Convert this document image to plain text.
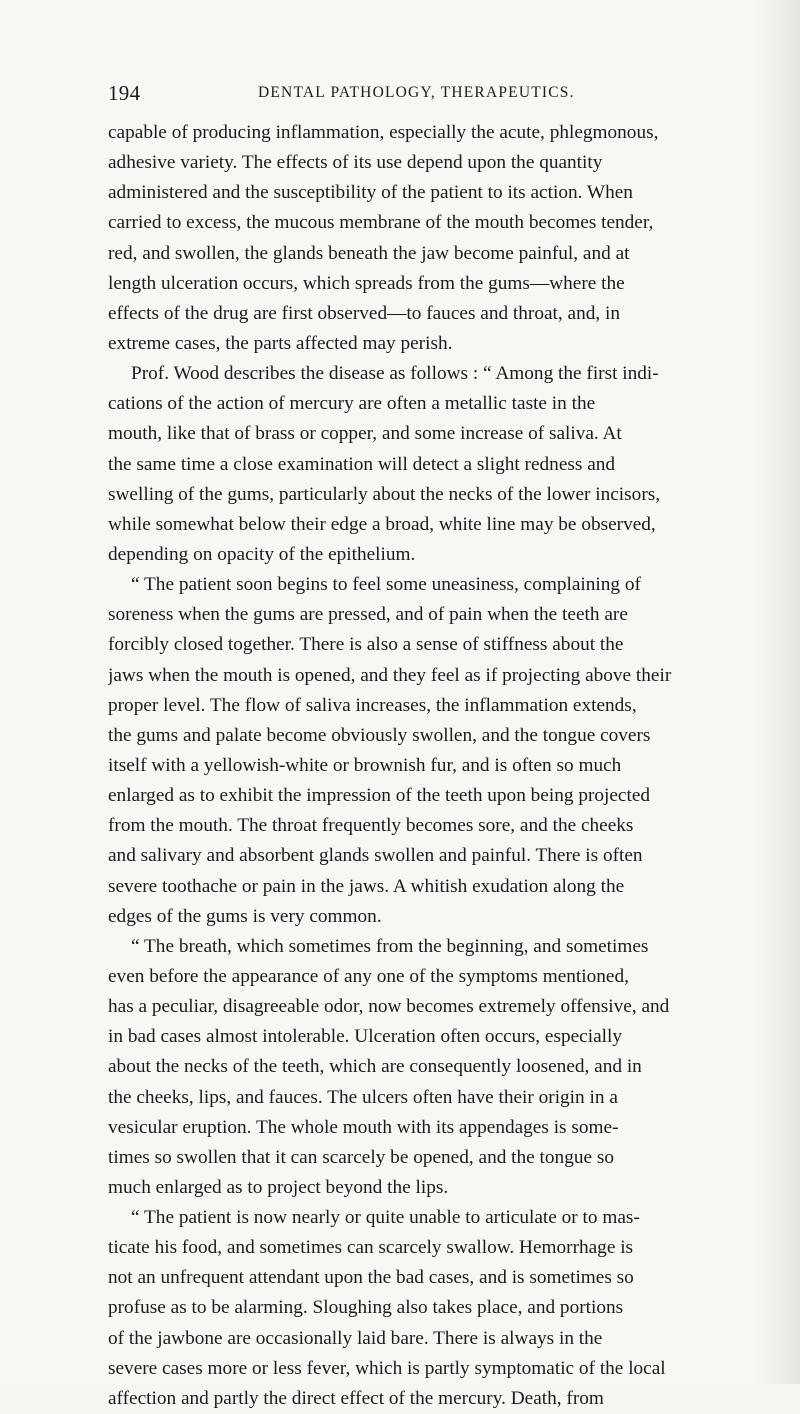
194	DENTAL PATHOLOGY, THERAPEUTICS.
capable of producing inflammation, especially the acute, phlegmonous,
adhesive variety. The effects of its use depend upon the quantity
administered and the susceptibility of the patient to its action. When
carried to excess, the mucous membrane of the mouth becomes tender,
red, and swollen, the glands beneath the jaw become painful, and at
length ulceration occurs, which spreads from the gums—where the
effects of the drug are first observed—to fauces and throat, and, in
extreme cases, the parts affected may perish.
Prof. Wood describes the disease as follows : “ Among the first indi-
cations of the action of mercury are often a metallic taste in the
mouth, like that of brass or copper, and some increase of saliva. At
the same time a close examination will detect a slight redness and
swelling of the gums, particularly about the necks of the lower incisors,
while somewhat below their edge a broad, white line may be observed,
depending on opacity of the epithelium.
“ The patient soon begins to feel some uneasiness, complaining of
soreness when the gums are pressed, and of pain when the teeth are
forcibly closed together. There is also a sense of stiffness about the
jaws when the mouth is opened, and they feel as if projecting above their
proper level. The flow of saliva increases, the inflammation extends,
the gums and palate become obviously swollen, and the tongue covers
itself with a yellowish-white or brownish fur, and is often so much
enlarged as to exhibit the impression of the teeth upon being projected
from the mouth. The throat frequently becomes sore, and the cheeks
and salivary and absorbent glands swollen and painful. There is often
severe toothache or pain in the jaws. A whitish exudation along the
edges of the gums is very common.
“ The breath, which sometimes from the beginning, and sometimes
even before the appearance of any one of the symptoms mentioned,
has a peculiar, disagreeable odor, now becomes extremely offensive, and
in bad cases almost intolerable. Ulceration often occurs, especially
about the necks of the teeth, which are consequently loosened, and in
the cheeks, lips, and fauces. The ulcers often have their origin in a
vesicular eruption. The whole mouth with its appendages is some-
times so swollen that it can scarcely be opened, and the tongue so
much enlarged as to project beyond the lips.
“ The patient is now nearly or quite unable to articulate or to mas-
ticate his food, and sometimes can scarcely swallow. Hemorrhage is
not an unfrequent attendant upon the bad cases, and is sometimes so
profuse as to be alarming. Sloughing also takes place, and portions
of the jawbone are occasionally laid bare. There is always in the
severe cases more or less fever, which is partly symptomatic of the local
affection and partly the direct effect of the mercury. Death, from
